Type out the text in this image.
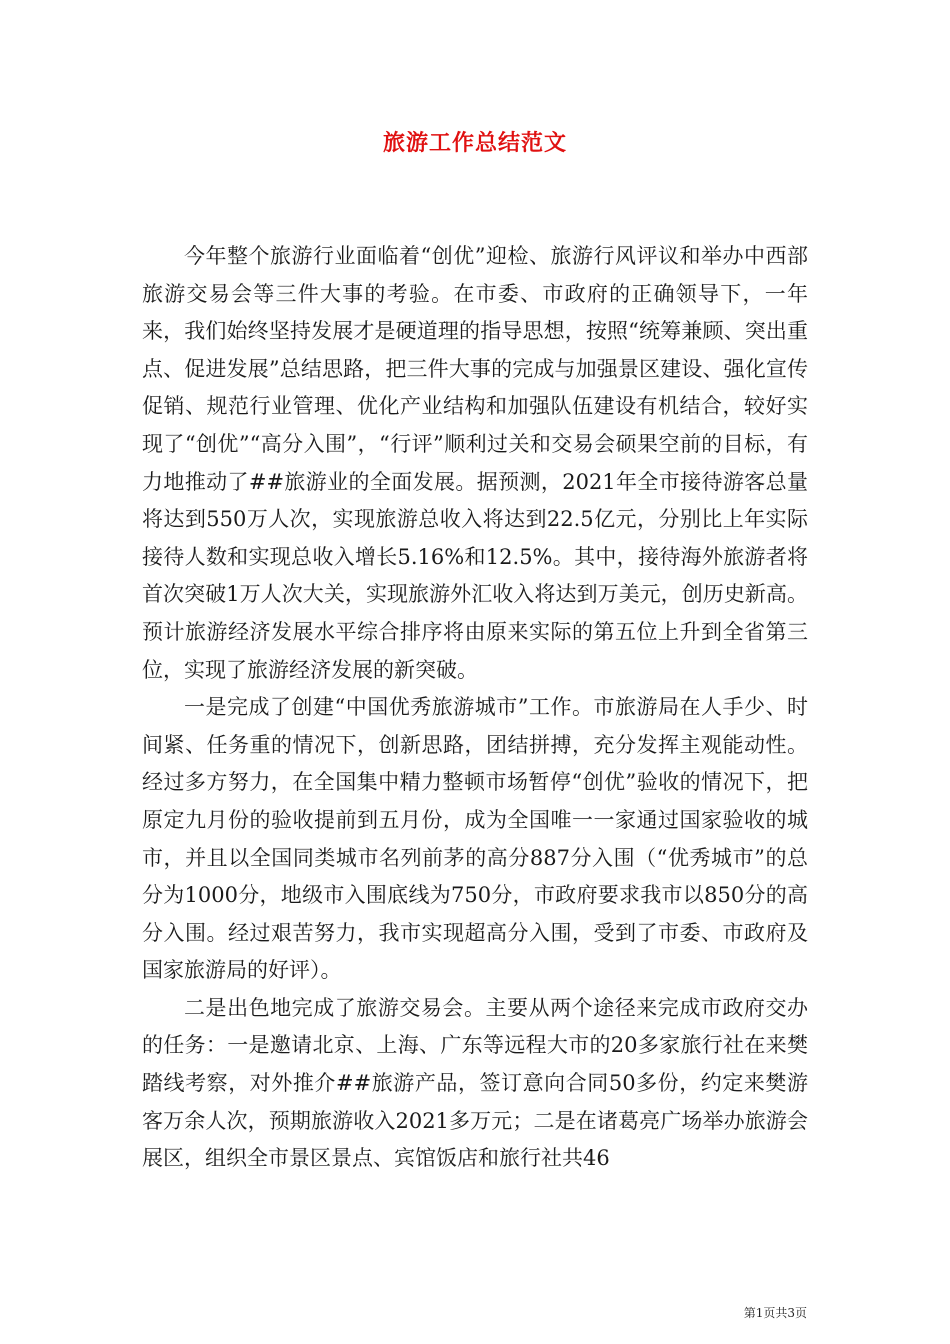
旅游工作总结范文

今年整个旅游行业面临着“创优”迎检、旅游行风评议和举办中西部旅游交易会等三件大事的考验。在市委、市政府的正确领导下，一年来，我们始终坚持发展才是硬道理的指导思想，按照“统筹兼顾、突出重点、促进发展”总结思路，把三件大事的完成与加强景区建设、强化宣传促销、规范行业管理、优化产业结构和加强队伍建设有机结合，较好实现了“创优”“高分入围”，“行评”顺利过关和交易会硕果空前的目标，有力地推动了##旅游业的全面发展。据预测，2021年全市接待游客总量将达到550万人次，实现旅游总收入将达到22.5亿元，分别比上年实际接待人数和实现总收入增长5.16%和12.5%。其中，接待海外旅游者将首次突破1万人次大关，实现旅游外汇收入将达到万美元，创历史新高。预计旅游经济发展水平综合排序将由原来实际的第五位上升到全省第三位，实现了旅游经济发展的新突破。

一是完成了创建“中国优秀旅游城市”工作。市旅游局在人手少、时间紧、任务重的情况下，创新思路，团结拼搏，充分发挥主观能动性。经过多方努力，在全国集中精力整顿市场暂停“创优”验收的情况下，把原定九月份的验收提前到五月份，成为全国唯一一家通过国家验收的城市，并且以全国同类城市名列前茅的高分887分入围（“优秀城市”的总分为1000分，地级市入围底线为750分，市政府要求我市以850分的高分入围。经过艰苦努力，我市实现超高分入围，受到了市委、市政府及国家旅游局的好评）。

二是出色地完成了旅游交易会。主要从两个途径来完成市政府交办的任务：一是邀请北京、上海、广东等远程大市的20多家旅行社在来樊踏线考察，对外推介##旅游产品，签订意向合同50多份，约定来樊游客万余人次，预期旅游收入2021多万元；二是在诸葛亮广场举办旅游会展区，组织全市景区景点、宾馆饭店和旅行社共46

第1页共3页
